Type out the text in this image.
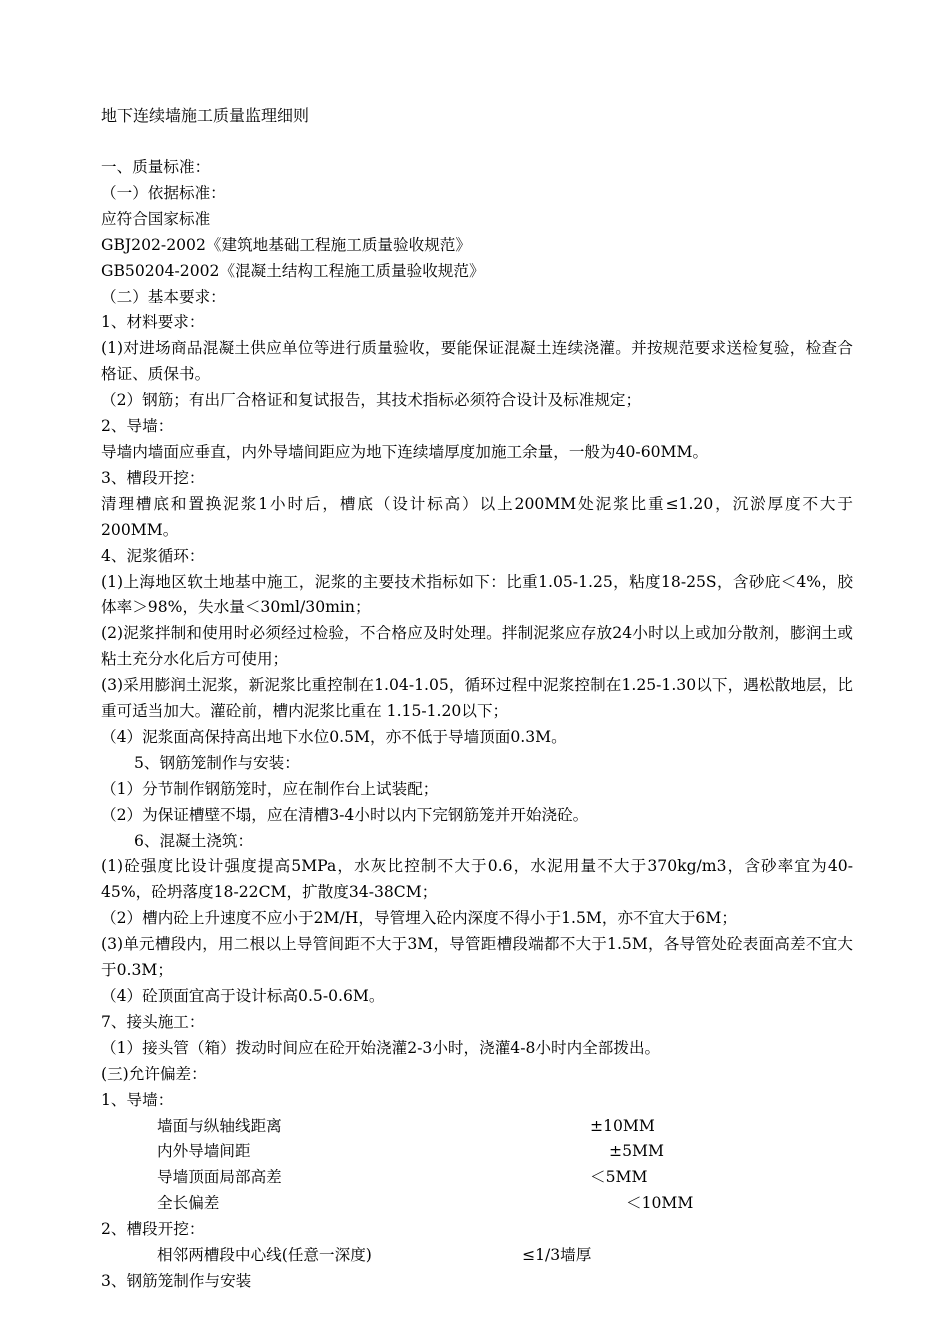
地下连续墙施工质量监理细则

一、质量标准：

（一）依据标准：

应符合国家标准

GBJ202-2002《建筑地基础工程施工质量验收规范》

GB50204-2002《混凝土结构工程施工质量验收规范》

（二）基本要求：

1、材料要求：

(1)对进场商品混凝土供应单位等进行质量验收，要能保证混凝土连续浇灌。并按规范要求送检复验，检查合格证、质保书。

（2）钢筋；有出厂合格证和复试报告，其技术指标必须符合设计及标准规定；

2、导墙：

导墙内墙面应垂直，内外导墙间距应为地下连续墙厚度加施工余量，一般为40-60MM。

3、槽段开挖：

清理槽底和置换泥浆1小时后，槽底（设计标高）以上200MM处泥浆比重≤1.20，沉淤厚度不大于200MM。

4、泥浆循环：

(1)上海地区软土地基中施工，泥浆的主要技术指标如下：比重1.05-1.25，粘度18-25S，含砂庇＜4%，胶体率＞98%，失水量＜30ml/30min；

(2)泥浆拌制和使用时必须经过检验，不合格应及时处理。拌制泥浆应存放24小时以上或加分散剂，膨润土或粘土充分水化后方可使用；

(3)采用膨润土泥浆，新泥浆比重控制在1.04-1.05，循环过程中泥浆控制在1.25-1.30以下，遇松散地层，比重可适当加大。灌砼前，槽内泥浆比重在 1.15-1.20以下；

（4）泥浆面高保持高出地下水位0.5M，亦不低于导墙顶面0.3M。

5、钢筋笼制作与安装：

（1）分节制作钢筋笼时，应在制作台上试装配；

（2）为保证槽壁不塌，应在清槽3-4小时以内下完钢筋笼并开始浇砼。

6、混凝土浇筑：

(1)砼强度比设计强度提高5MPa，水灰比控制不大于0.6，水泥用量不大于370kg/m3，含砂率宜为40-45%，砼坍落度18-22CM，扩散度34-38CM；

（2）槽内砼上升速度不应小于2M/H，导管埋入砼内深度不得小于1.5M，亦不宜大于6M；

(3)单元槽段内，用二根以上导管间距不大于3M，导管距槽段端都不大于1.5M，各导管处砼表面高差不宜大于0.3M；

（4）砼顶面宜高于设计标高0.5-0.6M。

7、接头施工：

（1）接头管（箱）拨动时间应在砼开始浇灌2-3小时，浇灌4-8小时内全部拨出。

(三)允许偏差：

1、导墙：

墙面与纵轴线距离	±10MM
内外导墙间距	±5MM
导墙顶面局部高差	＜5MM
全长偏差	＜10MM

2、槽段开挖：

相邻两槽段中心线(任意一深度)	≤1/3墙厚

3、钢筋笼制作与安装
